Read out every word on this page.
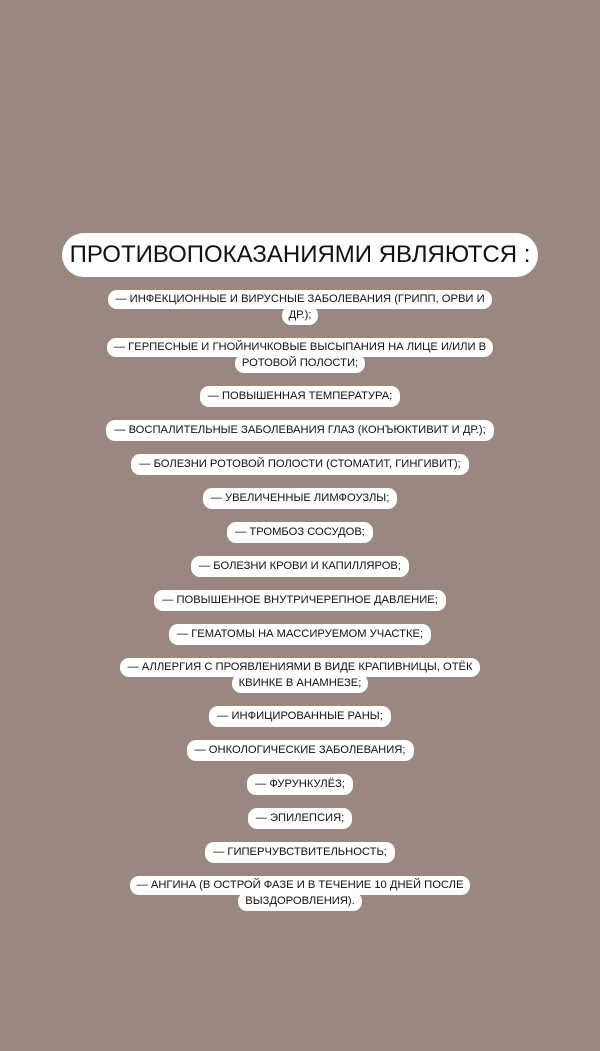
ПРОТИВОПОКАЗАНИЯМИ ЯВЛЯЮТСЯ :
— ИНФЕКЦИОННЫЕ И ВИРУСНЫЕ ЗАБОЛЕВАНИЯ (ГРИПП, ОРВИ И
ДР.);
— ГЕРПЕСНЫЕ И ГНОЙНИЧКОВЫЕ ВЫСЫПАНИЯ НА ЛИЦЕ И/ИЛИ В
РОТОВОЙ ПОЛОСТИ;
— ПОВЫШЕННАЯ ТЕМПЕРАТУРА;
— ВОСПАЛИТЕЛЬНЫЕ ЗАБОЛЕВАНИЯ ГЛАЗ (КОНЪЮКТИВИТ И ДР.);
— БОЛЕЗНИ РОТОВОЙ ПОЛОСТИ (СТОМАТИТ, ГИНГИВИТ);
— УВЕЛИЧЕННЫЕ ЛИМФОУЗЛЫ;
— ТРОМБОЗ СОСУДОВ;
— БОЛЕЗНИ КРОВИ И КАПИЛЛЯРОВ;
— ПОВЫШЕННОЕ ВНУТРИЧЕРЕПНОЕ ДАВЛЕНИЕ;
— ГЕМАТОМЫ НА МАССИРУЕМОМ УЧАСТКЕ;
— АЛЛЕРГИЯ С ПРОЯВЛЕНИЯМИ В ВИДЕ КРАПИВНИЦЫ, ОТЁК
КВИНКЕ В АНАМНЕЗЕ;
— ИНФИЦИРОВАННЫЕ РАНЫ;
— ОНКОЛОГИЧЕСКИЕ ЗАБОЛЕВАНИЯ;
— ФУРУНКУЛЁЗ;
— ЭПИЛЕПСИЯ;
— ГИПЕРЧУВСТВИТЕЛЬНОСТЬ;
— АНГИНА (В ОСТРОЙ ФАЗЕ И В ТЕЧЕНИЕ 10 ДНЕЙ ПОСЛЕ
ВЫЗДОРОВЛЕНИЯ).
